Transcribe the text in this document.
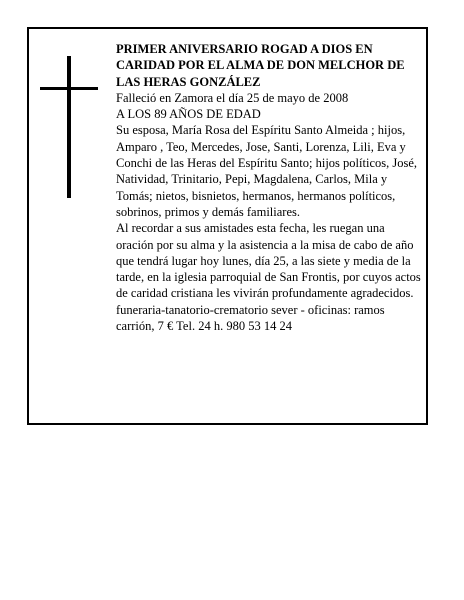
PRIMER ANIVERSARIO ROGAD A DIOS EN CARIDAD POR EL ALMA DE DON MELCHOR DE LAS HERAS GONZÁLEZ

Falleció en Zamora el día 25 de mayo de 2008

A LOS 89 AÑOS DE EDAD

Su esposa, María Rosa del Espíritu Santo Almeida ; hijos, Amparo , Teo, Mercedes, Jose, Santi, Lorenza, Lili, Eva y Conchi de las Heras del Espíritu Santo; hijos políticos, José, Natividad, Trinitario, Pepi, Magdalena, Carlos, Mila y Tomás; nietos, bisnietos, hermanos, hermanos políticos, sobrinos, primos y demás familiares.

Al recordar a sus amistades esta fecha, les ruegan una oración por su alma y la asistencia a la misa de cabo de año que tendrá lugar hoy lunes, día 25, a las siete y media de la tarde, en la iglesia parroquial de San Frontis, por cuyos actos de caridad cristiana les vivirán profundamente agradecidos.

funeraria-tanatorio-crematorio sever - oficinas: ramos carrión, 7 € Tel. 24 h. 980 53 14 24
